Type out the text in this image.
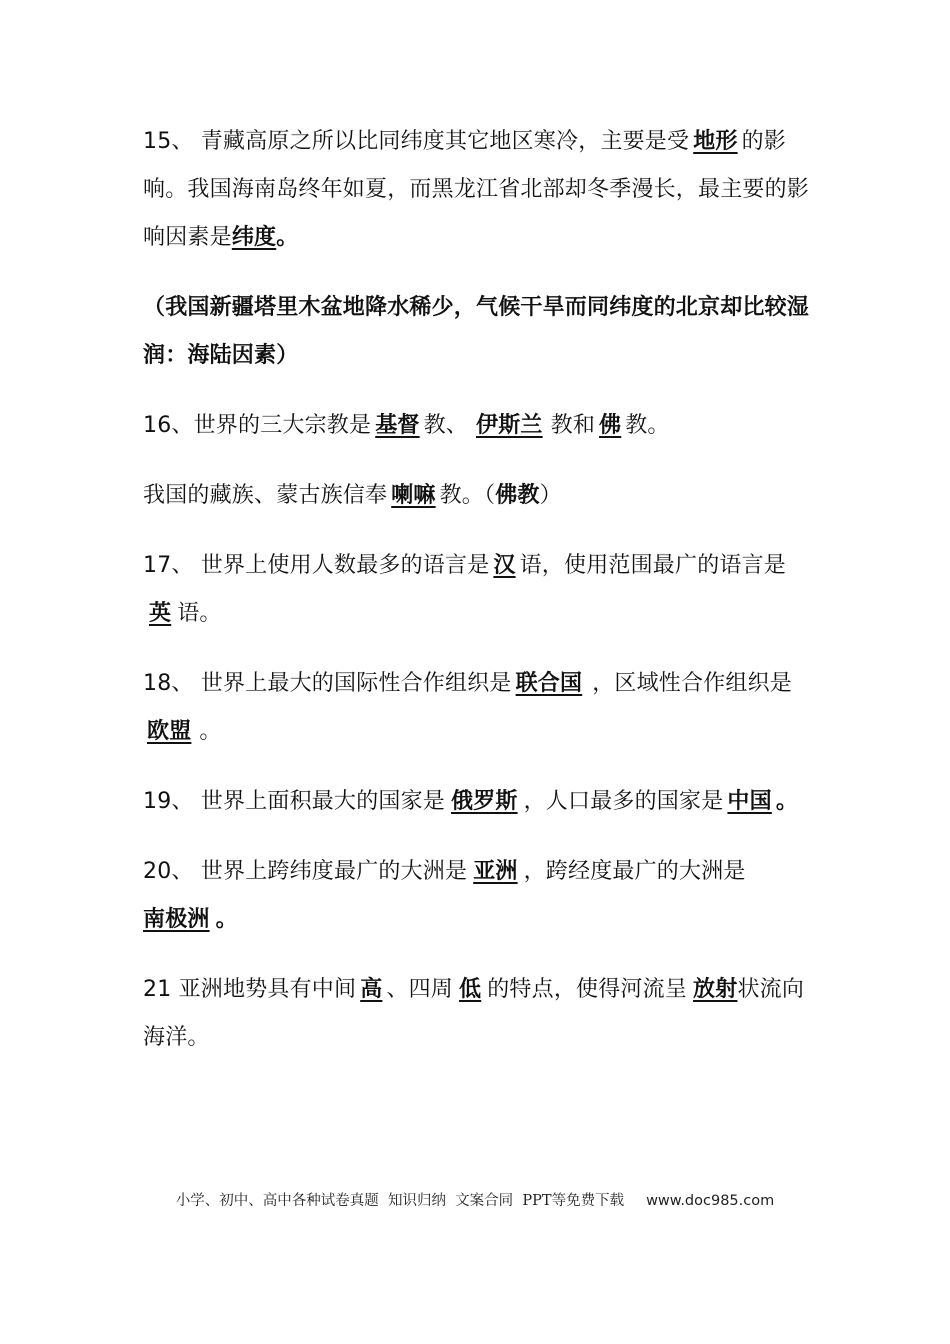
15、 青藏高原之所以比同纬度其它地区寒冷，主要是受 地形 的影响。我国海南岛终年如夏，而黑龙江省北部却冬季漫长，最主要的影响因素是纬度。

（我国新疆塔里木盆地降水稀少，气候干旱而同纬度的北京却比较湿润：海陆因素）

16、世界的三大宗教是 基督 教、 伊斯兰 教和 佛 教。

我国的藏族、蒙古族信奉 喇嘛 教。（佛教）

17、 世界上使用人数最多的语言是 汉 语，使用范围最广的语言是英 语。

18、 世界上最大的国际性合作组织是 联合国 ，区域性合作组织是欧盟 。

19、 世界上面积最大的国家是 俄罗斯 ，人口最多的国家是 中国 。

20、 世界上跨纬度最广的大洲是 亚洲 ，跨经度最广的大洲是南极洲 。

21 亚洲地势具有中间 高 、四周 低 的特点，使得河流呈 放射状流向海洋。

小学、初中、高中各种试卷真题  知识归纳  文案合同  PPT等免费下载 www.doc985.com
